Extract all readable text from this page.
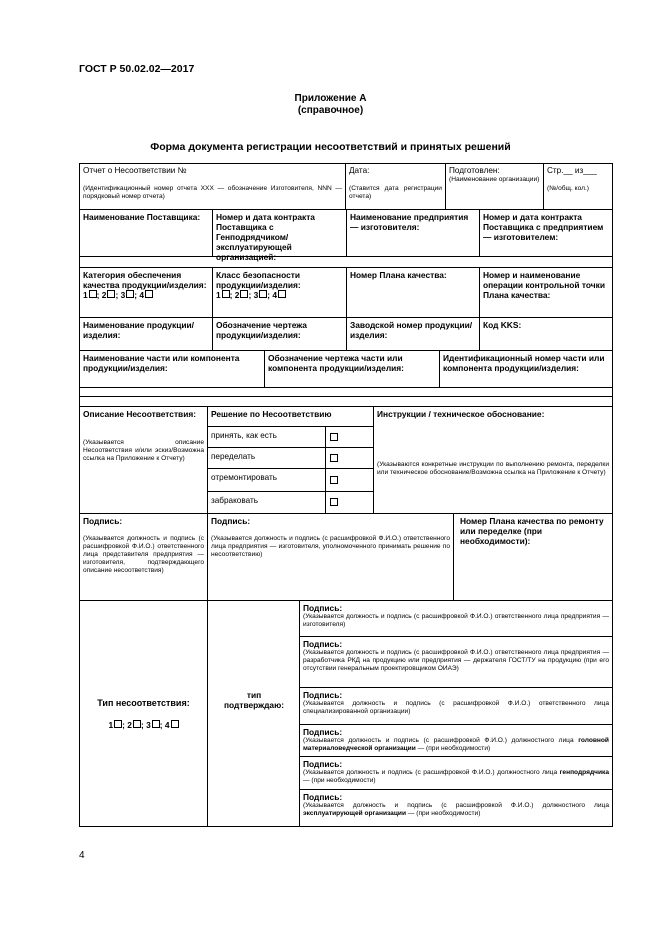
ГОСТ Р 50.02.02—2017
Приложение А
(справочное)
Форма документа регистрации несоответствий и принятых решений
Отчет о Несоответствии №
(Идентификационный номер отчета XXX — обозначение Изготовителя, NNN — порядковый номер отчета)
Дата:
(Ставится дата регистрации отчета)
Подготовлен:
(Наименование организации)
Стр.__ из___
(№/общ. кол.)
Наименование Поставщика:	Номер и дата контракта Поставщика с Генподрядчиком/эксплуатирующей организацией:
Наименование предприятия — изготовителя:
Номер и дата контракта Поставщика с предприятием — изготовителем:
Категория обеспечения качества продукции/изделия:
1 ; 2 ; 3 ; 4
Класс безопасности продукции/изделия:
1 ; 2 ; 3 ; 4
Номер Плана качества:	Номер и наименование операции контрольной точки Плана качества:
Наименование продукции/изделия:
Обозначение чертежа продукции/изделия:
Заводской номер продукции/изделия:
Код KKS:
Наименование части или компонента продукции/изделия:
Обозначение чертежа части или компонента продукции/изделия:
Идентификационный номер части или компонента продукции/изделия:
Описание Несоответствия:
(Указывается описание Несоответствия и/или эскиз/Возможна ссылка на Приложение к Отчету)
Решение по Несоответствию
принять, как есть
переделать
отремонтировать
забраковать
Инструкции / техническое обоснование:
(Указываются конкретные инструкции по выполнению ремонта, переделки или техническое обоснование/Возможна ссылка на Приложение к Отчету)
Подпись:
(Указывается должность и подпись (с расшифровкой Ф.И.О.) ответственного лица представителя предприятия — изготовителя, подтверждающего описание несоответствия)
Подпись:
(Указывается должность и подпись (с расшифровкой Ф.И.О.) ответственного лица предприятия — изготовителя, уполномоченного принимать решение по несоответствию)
Номер Плана качества по ремонту или переделке (при необходимости):
Тип несоответствия:
1 ; 2 ; 3 ; 4
Подпись:
(Указывается должность и подпись (с расшифровкой Ф.И.О.) ответственного лица предприятия — изготовителя)
Подпись:
(Указывается должность и подпись (с расшифровкой Ф.И.О.) ответственного лица предприятия — разработчика РКД на продукцию или предприятия — держателя ГОСТ/ТУ на продукцию (при его отсутствии генеральным проектировщиком ОИАЭ)
Подпись:
(Указывается должность и подпись (с расшифровкой Ф.И.О.) ответственного лица специализированной организации)
Подпись:
(Указывается должность и подпись (с расшифровкой Ф.И.О.) должностного лица головной материаловедческой организации — (при необходимости)
Подпись:
(Указывается должность и подпись (с расшифровкой Ф.И.О.) должностного лица генподрядчика — (при необходимости)
Подпись:
(Указывается должность и подпись (с расшифровкой Ф.И.О.) должностного лица эксплуатирующей организации — (при необходимости)
тип
подтверждаю:
4
